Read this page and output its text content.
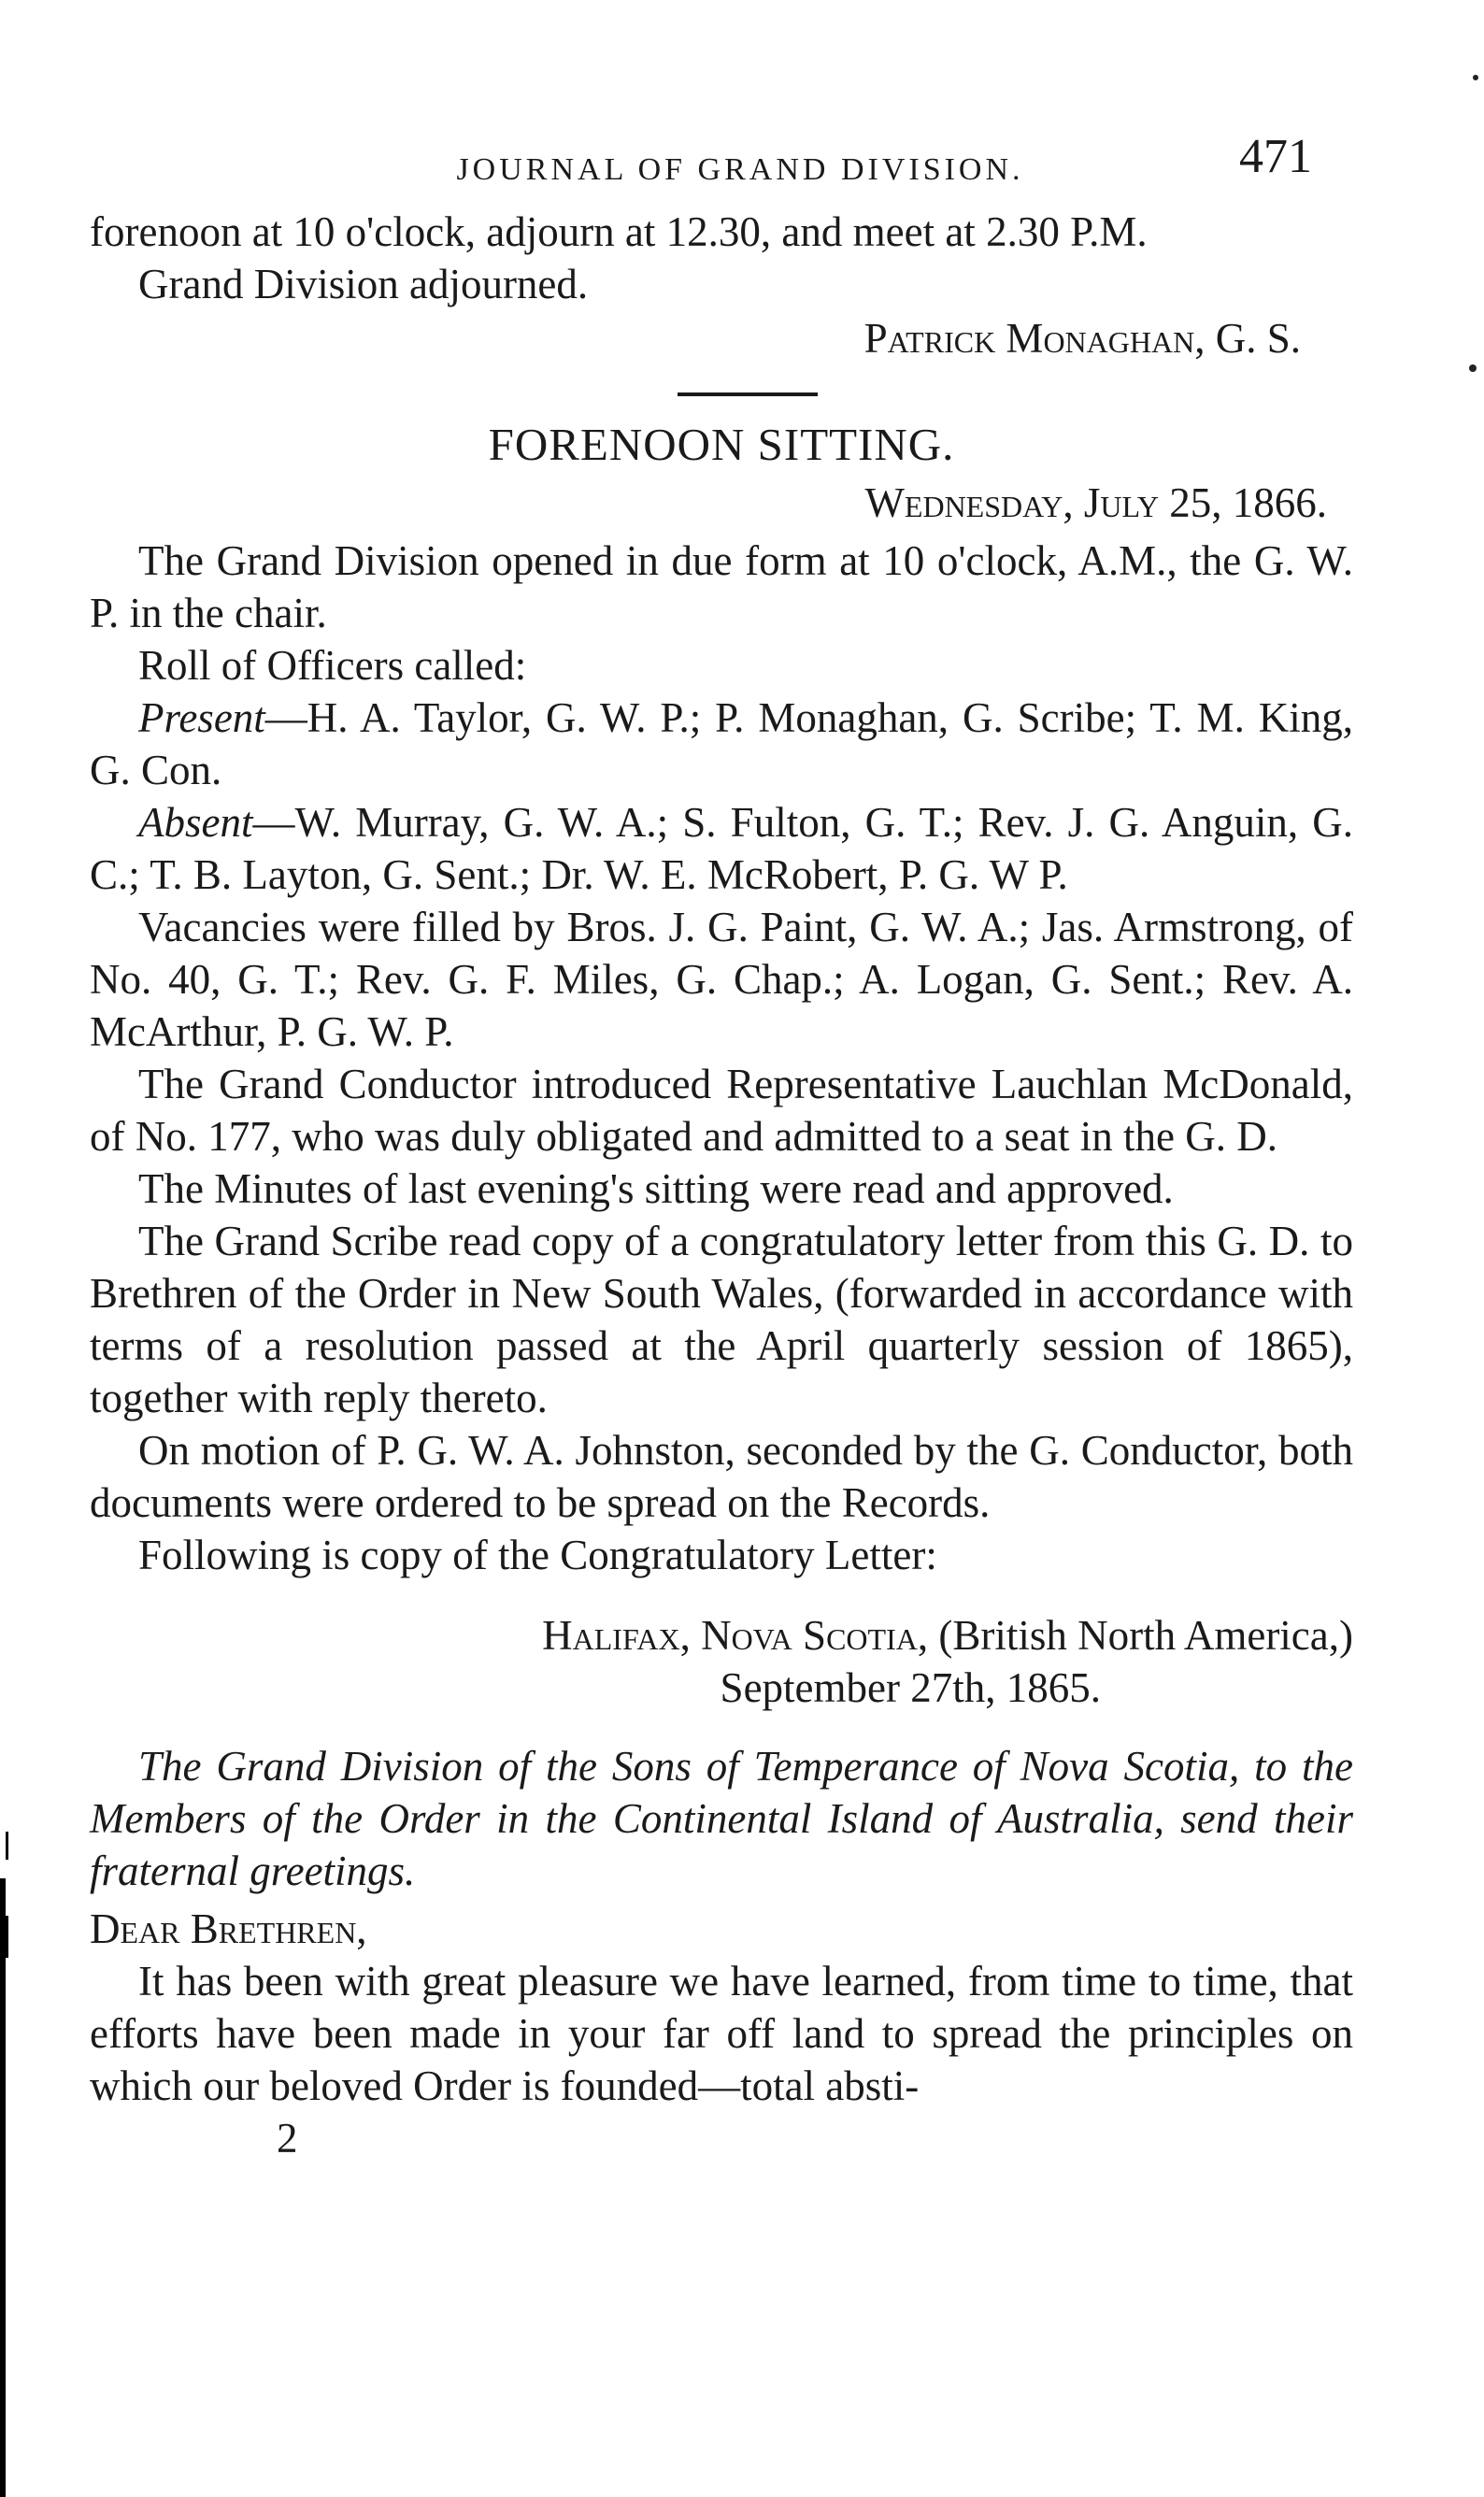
JOURNAL OF GRAND DIVISION.	471

forenoon at 10 o'clock, adjourn at 12.30, and meet at 2.30 P.M.

Grand Division adjourned.

Patrick Monaghan, G. S.

FORENOON SITTING.

Wednesday, July 25, 1866.

The Grand Division opened in due form at 10 o'clock, A.M., the G. W. P. in the chair.

Roll of Officers called:

Present—H. A. Taylor, G. W. P.; P. Monaghan, G. Scribe; T. M. King, G. Con.

Absent—W. Murray, G. W. A.; S. Fulton, G. T.; Rev. J. G. Anguin, G. C.; T. B. Layton, G. Sent.; Dr. W. E. McRobert, P. G. W P.

Vacancies were filled by Bros. J. G. Paint, G. W. A.; Jas. Armstrong, of No. 40, G. T.; Rev. G. F. Miles, G. Chap.; A. Logan, G. Sent.; Rev. A. McArthur, P. G. W. P.

The Grand Conductor introduced Representative Lauchlan McDonald, of No. 177, who was duly obligated and admitted to a seat in the G. D.

The Minutes of last evening's sitting were read and approved.

The Grand Scribe read copy of a congratulatory letter from this G. D. to Brethren of the Order in New South Wales, (forwarded in accordance with terms of a resolution passed at the April quarterly session of 1865), together with reply thereto.

On motion of P. G. W. A. Johnston, seconded by the G. Conductor, both documents were ordered to be spread on the Records.

Following is copy of the Congratulatory Letter:

Halifax, Nova Scotia, (British North America,)

September 27th, 1865.

The Grand Division of the Sons of Temperance of Nova Scotia, to the Members of the Order in the Continental Island of Australia, send their fraternal greetings.

Dear Brethren,

It has been with great pleasure we have learned, from time to time, that efforts have been made in your far off land to spread the principles on which our beloved Order is founded—total absti-

2
